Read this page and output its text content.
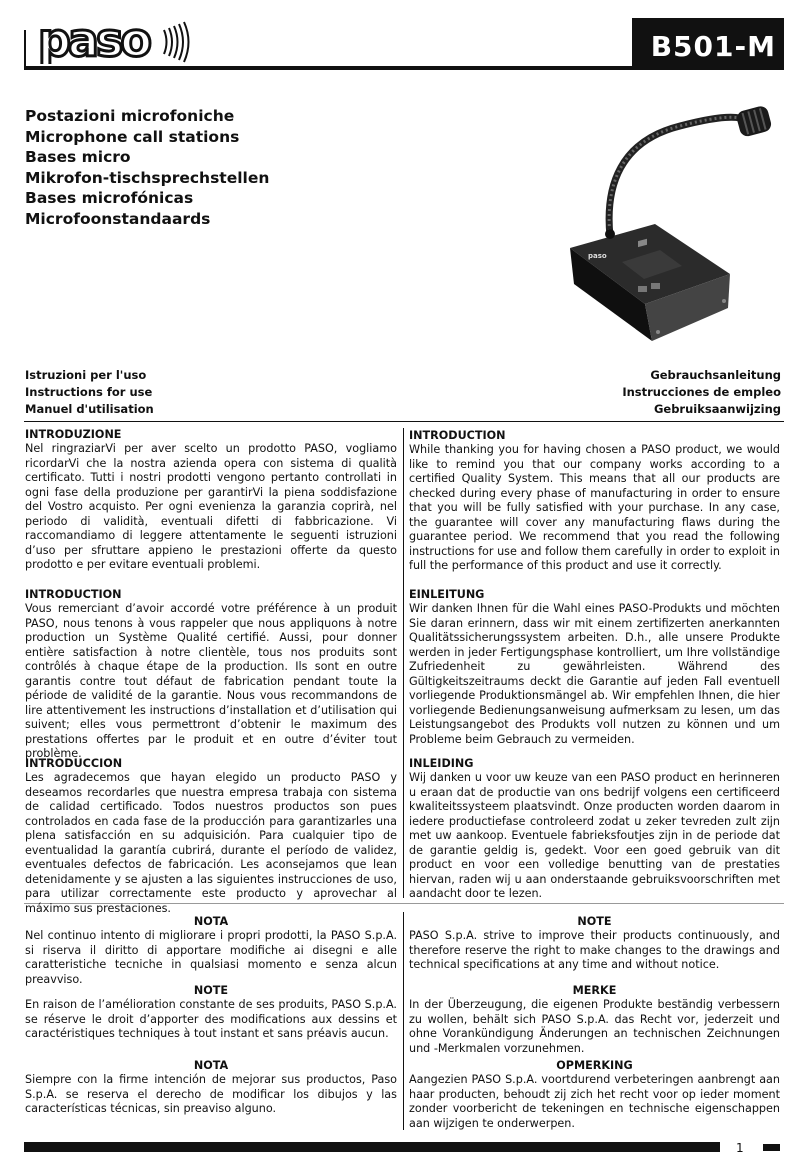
B501-M
paso
Postazioni microfoniche
Microphone call stations
Bases micro
Mikrofon-tischsprechstellen
Bases microfónicas
Microfoonstandaards
paso
Istruzioni per l'uso
Instructions for use
Manuel d'utilisation
Gebrauchsanleitung
Instrucciones de empleo
Gebruiksaanwijzing
INTRODUZIONE

Nel ringraziarVi per aver scelto un prodotto PASO, vogliamo ricordarVi che la nostra azienda opera con sistema di qualità certificato. Tutti i nostri prodotti vengono pertanto controllati in ogni fase della produzione per garantirVi la piena soddisfazione del Vostro acquisto. Per ogni evenienza la garanzia coprirà, nel periodo di validità, eventuali difetti di fabbricazione. Vi raccomandiamo di leggere attentamente le seguenti istruzioni d’uso per sfruttare appieno le prestazioni offerte da questo prodotto e per evitare eventuali problemi.

INTRODUCTION

While thanking you for having chosen a PASO product, we would like to remind you that our company works according to a certified Quality System. This means that all our products are checked during every phase of manufacturing in order to ensure that you will be fully satisfied with your purchase. In any case, the guarantee will cover any manufacturing flaws during the guarantee period. We recommend that you read the following instructions for use and follow them carefully in order to exploit in full the performance of this product and use it correctly.

INTRODUCTION

Vous remerciant d’avoir accordé votre préférence à un produit PASO, nous tenons à vous rappeler que nous appliquons à notre production un Système Qualité certifié. Aussi, pour donner entière satisfaction à notre clientèle, tous nos produits sont contrôlés à chaque étape de la production. Ils sont en outre garantis contre tout défaut de fabrication pendant toute la période de validité de la garantie. Nous vous recommandons de lire attentivement les instructions d’installation et d’utilisation qui suivent; elles vous permettront d’obtenir le maximum des prestations offertes par le produit et en outre d’éviter tout problème.

EINLEITUNG

Wir danken Ihnen für die Wahl eines PASO-Produkts und möchten Sie daran erinnern, dass wir mit einem zertifizerten anerkannten Qualitätssicherungssystem arbeiten. D.h., alle unsere Produkte werden in jeder Fertigungsphase kontrolliert, um Ihre vollständige Zufriedenheit zu gewährleisten. Während des Gültigkeitszeitraums deckt die Garantie auf jeden Fall eventuell vorliegende Produktionsmängel ab. Wir empfehlen Ihnen, die hier vorliegende Bedienungsanweisung aufmerksam zu lesen, um das Leistungsangebot des Produkts voll nutzen zu können und um Probleme beim Gebrauch zu vermeiden.

INTRODUCCION

Les agradecemos que hayan elegido un producto PASO y deseamos recordarles que nuestra empresa trabaja con sistema de calidad certificado. Todos nuestros productos son pues controlados en cada fase de la producción para garantizarles una plena satisfacción en su adquisición. Para cualquier tipo de eventualidad la garantía cubrirá, durante el período de validez, eventuales defectos de fabricación. Les aconsejamos que lean detenidamente y se ajusten a las siguientes instrucciones de uso, para utilizar correctamente este producto y aprovechar al máximo sus prestaciones.

INLEIDING

Wij danken u voor uw keuze van een PASO product en herinneren u eraan dat de productie van ons bedrijf volgens een certificeerd kwaliteitssysteem plaatsvindt. Onze producten worden daarom in iedere productiefase controleerd zodat u zeker tevreden zult zijn met uw aankoop. Eventuele fabrieksfoutjes zijn in de periode dat de garantie geldig is, gedekt. Voor een goed gebruik van dit product en voor een volledige benutting van de prestaties hiervan, raden wij u aan onderstaande gebruiksvoorschriften met aandacht door te lezen.

NOTA

Nel continuo intento di migliorare i propri prodotti, la PASO S.p.A. si riserva il diritto di apportare modifiche ai disegni e alle caratteristiche tecniche in qualsiasi momento e senza alcun preavviso.

NOTE

PASO S.p.A. strive to improve their products continuously, and therefore reserve the right to make changes to the drawings and technical specifications at any time and without notice.

NOTE

En raison de l’amélioration constante de ses produits, PASO S.p.A. se réserve le droit d’apporter des modifications aux dessins et caractéristiques techniques à tout instant et sans préavis aucun.

MERKE

In der Überzeugung, die eigenen Produkte beständig verbessern zu wollen, behält sich PASO S.p.A. das Recht vor, jederzeit und ohne Vorankündigung Änderungen an technischen Zeichnungen und -Merkmalen vorzunehmen.

NOTA

Siempre con la firme intención de mejorar sus productos, Paso S.p.A. se reserva el derecho de modificar los dibujos y las características técnicas, sin preaviso alguno.

OPMERKING

Aangezien PASO S.p.A. voortdurend verbeteringen aanbrengt aan haar producten, behoudt zij zich het recht voor op ieder moment zonder voorbericht de tekeningen en technische eigenschappen aan wijzigen te onderwerpen.

1
